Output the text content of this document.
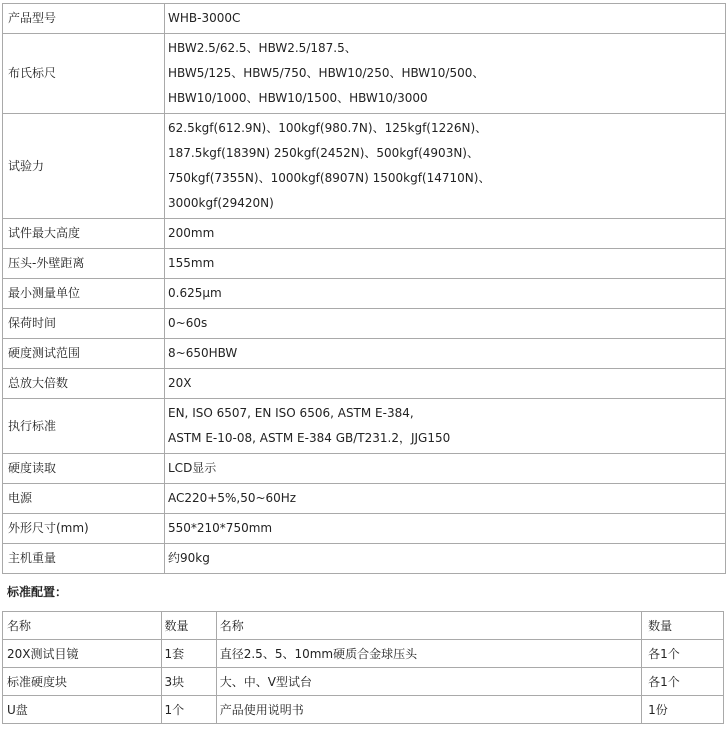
产品型号	WHB-3000C

布氏标尺	HBW2.5/62.5、HBW2.5/187.5、
HBW5/125、HBW5/750、HBW10/250、HBW10/500、
HBW10/1000、HBW10/1500、HBW10/3000

试验力	62.5kgf(612.9N)、100kgf(980.7N)、125kgf(1226N)、
187.5kgf(1839N) 250kgf(2452N)、500kgf(4903N)、
750kgf(7355N)、1000kgf(8907N) 1500kgf(14710N)、
3000kgf(29420N)

试件最大高度	200mm

压头-外壁距离	155mm

最小测量单位	0.625μm

保荷时间	0~60s

硬度测试范围	8~650HBW

总放大倍数	20X

执行标准	EN, ISO 6507, EN ISO 6506, ASTM E-384,
ASTM E-10-08, ASTM E-384 GB/T231.2，JJG150

硬度读取	LCD显示

电源	AC220+5%,50~60Hz

外形尺寸(mm)	550*210*750mm

主机重量	约90kg

标准配置：

名称	数量	名称	数量
20X测试目镜	1套	直径2.5、5、10mm硬质合金球压头	各1个
标准硬度块	3块	大、中、V型试台	各1个
U盘	1个	产品使用说明书	1份
